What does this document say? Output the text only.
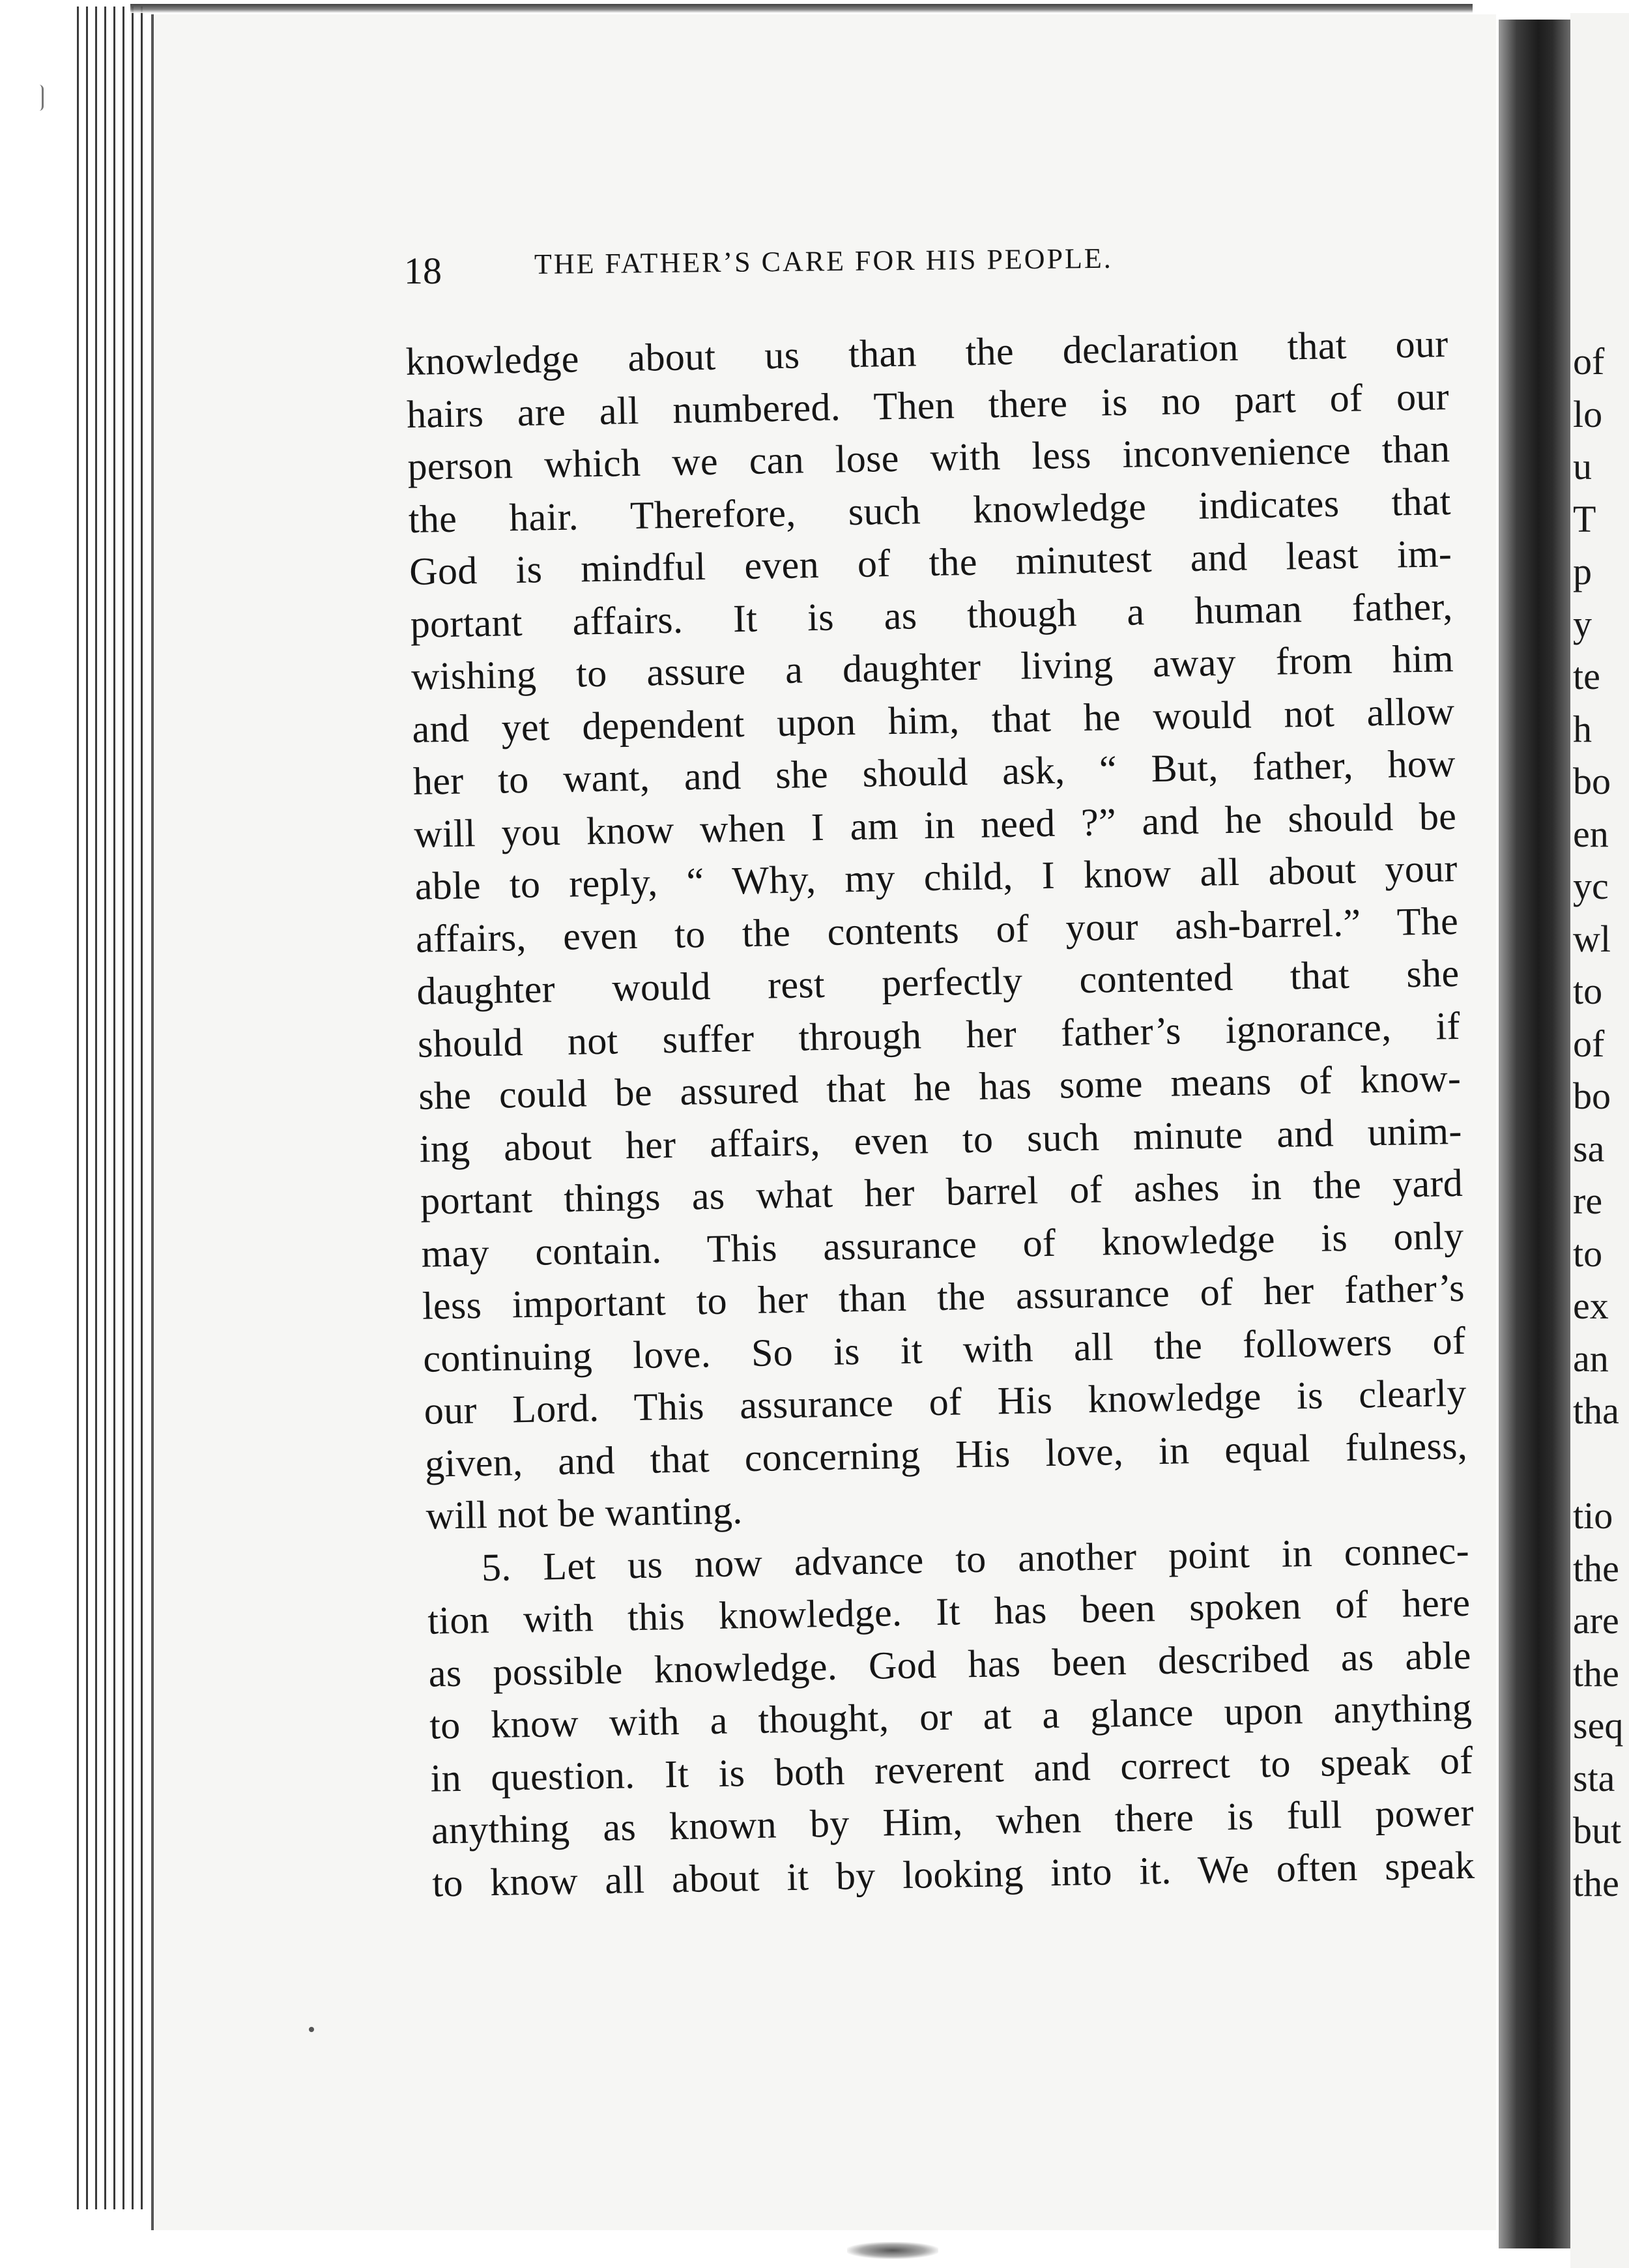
18	THE FATHER’S CARE FOR HIS PEOPLE.
knowledge about us than the declaration that our
hairs are all numbered. Then there is no part of our
person which we can lose with less inconvenience than
the hair. Therefore, such knowledge indicates that
God is mindful even of the minutest and least im-
portant affairs. It is as though a human father,
wishing to assure a daughter living away from him
and yet dependent upon him, that he would not allow
her to want, and she should ask, “ But, father, how
will you know when I am in need ?” and he should be
able to reply, “ Why, my child, I know all about your
affairs, even to the contents of your ash-barrel.” The
daughter would rest perfectly contented that she
should not suffer through her father’s ignorance, if
she could be assured that he has some means of know-
ing about her affairs, even to such minute and unim-
portant things as what her barrel of ashes in the yard
may contain. This assurance of knowledge is only
less important to her than the assurance of her father’s
continuing love. So is it with all the followers of
our Lord. This assurance of His knowledge is clearly
given, and that concerning His love, in equal fulness,
will not be wanting.
5. Let us now advance to another point in connec-
tion with this knowledge. It has been spoken of here
as possible knowledge. God has been described as able
to know with a thought, or at a glance upon anything
in question. It is both reverent and correct to speak of
anything as known by Him, when there is full power
to know all about it by looking into it. We often speak
of
lo
u
T
p
y
te
h
bo
en
yc
wl
to
of
bo
sa
re
to
ex
an
tha
tio
the
are
the
seq
sta
but
the
